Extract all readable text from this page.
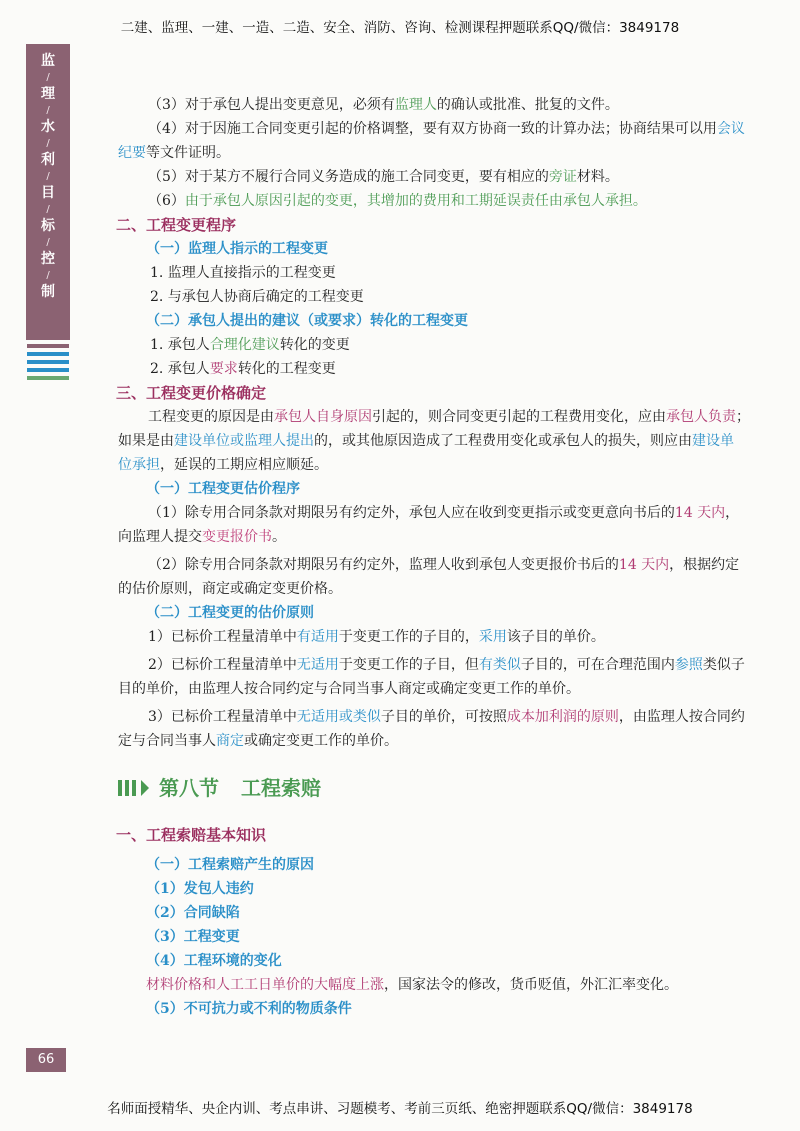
二建、监理、一建、一造、二造、安全、消防、咨询、检测课程押题联系QQ/微信：3849178
监
/
理
/
水
/
利
/
目
/
标
/
控
/
制
（3）对于承包人提出变更意见，必须有监理人的确认或批准、批复的文件。
（4）对于因施工合同变更引起的价格调整，要有双方协商一致的计算办法；协商结果可以用会议
纪要等文件证明。
（5）对于某方不履行合同义务造成的施工合同变更，要有相应的旁证材料。
（6）由于承包人原因引起的变更，其增加的费用和工期延误责任由承包人承担。
二、工程变更程序
（一）监理人指示的工程变更
1. 监理人直接指示的工程变更
2. 与承包人协商后确定的工程变更
（二）承包人提出的建议（或要求）转化的工程变更
1. 承包人合理化建议转化的变更
2. 承包人要求转化的工程变更
三、工程变更价格确定
工程变更的原因是由承包人自身原因引起的，则合同变更引起的工程费用变化，应由承包人负责；
如果是由建设单位或监理人提出的，或其他原因造成了工程费用变化或承包人的损失，则应由建设单
位承担，延误的工期应相应顺延。
（一）工程变更估价程序
（1）除专用合同条款对期限另有约定外，承包人应在收到变更指示或变更意向书后的14 天内，
向监理人提交变更报价书。
（2）除专用合同条款对期限另有约定外，监理人收到承包人变更报价书后的14 天内，根据约定
的估价原则，商定或确定变更价格。
（二）工程变更的估价原则
1）已标价工程量清单中有适用于变更工作的子目的，采用该子目的单价。
2）已标价工程量清单中无适用于变更工作的子目，但有类似子目的，可在合理范围内参照类似子
目的单价，由监理人按合同约定与合同当事人商定或确定变更工作的单价。
3）已标价工程量清单中无适用或类似子目的单价，可按照成本加利润的原则，由监理人按合同约
定与合同当事人商定或确定变更工作的单价。
第八节 工程索赔
一、工程索赔基本知识
（一）工程索赔产生的原因
（1）发包人违约
（2）合同缺陷
（3）工程变更
（4）工程环境的变化
材料价格和人工工日单价的大幅度上涨，国家法令的修改，货币贬值，外汇汇率变化。
（5）不可抗力或不利的物质条件
66
名师面授精华、央企内训、考点串讲、习题模考、考前三页纸、绝密押题联系QQ/微信：3849178
